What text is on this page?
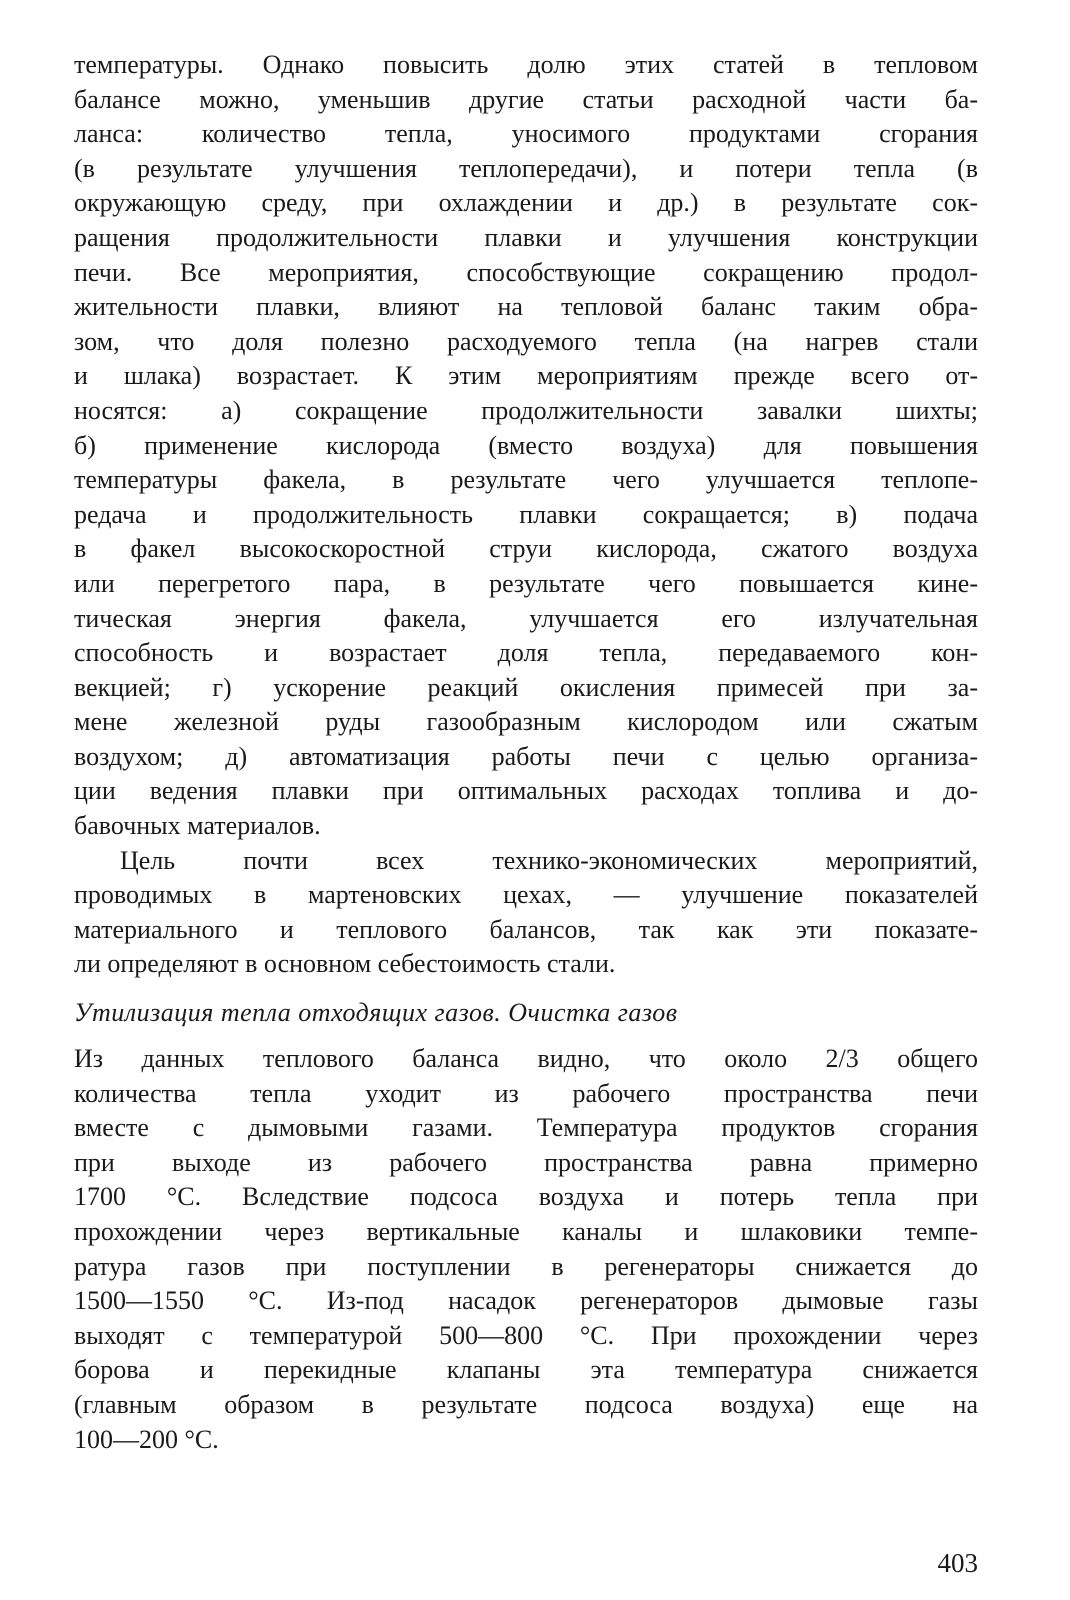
температуры. Однако повысить долю этих статей в тепловом
балансе можно, уменьшив другие статьи расходной части ба-
ланса: количество тепла, уносимого продуктами сгорания
(в результате улучшения теплопередачи), и потери тепла (в
окружающую среду, при охлаждении и др.) в результате сок-
ращения продолжительности плавки и улучшения конструкции
печи. Все мероприятия, способствующие сокращению продол-
жительности плавки, влияют на тепловой баланс таким обра-
зом, что доля полезно расходуемого тепла (на нагрев стали
и шлака) возрастает. К этим мероприятиям прежде всего от-
носятся: а) сокращение продолжительности завалки шихты;
б) применение кислорода (вместо воздуха) для повышения
температуры факела, в результате чего улучшается теплопе-
редача и продолжительность плавки сокращается; в) подача
в факел высокоскоростной струи кислорода, сжатого воздуха
или перегретого пара, в результате чего повышается кине-
тическая энергия факела, улучшается его излучательная
способность и возрастает доля тепла, передаваемого кон-
векцией; г) ускорение реакций окисления примесей при за-
мене железной руды газообразным кислородом или сжатым
воздухом; д) автоматизация работы печи с целью организа-
ции ведения плавки при оптимальных расходах топлива и до-
бавочных материалов.
Цель почти всех технико-экономических мероприятий,
проводимых в мартеновских цехах, — улучшение показателей
материального и теплового балансов, так как эти показате-
ли определяют в основном себестоимость стали.
Утилизация тепла отходящих газов. Очистка газов
Из данных теплового баланса видно, что около 2/3 общего
количества тепла уходит из рабочего пространства печи
вместе с дымовыми газами. Температура продуктов сгорания
при выходе из рабочего пространства равна примерно
1700 °С. Вследствие подсоса воздуха и потерь тепла при
прохождении через вертикальные каналы и шлаковики темпе-
ратура газов при поступлении в регенераторы снижается до
1500—1550 °С. Из-под насадок регенераторов дымовые газы
выходят с температурой 500—800 °С. При прохождении через
борова и перекидные клапаны эта температура снижается
(главным образом в результате подсоса воздуха) еще на
100—200 °С.
403
